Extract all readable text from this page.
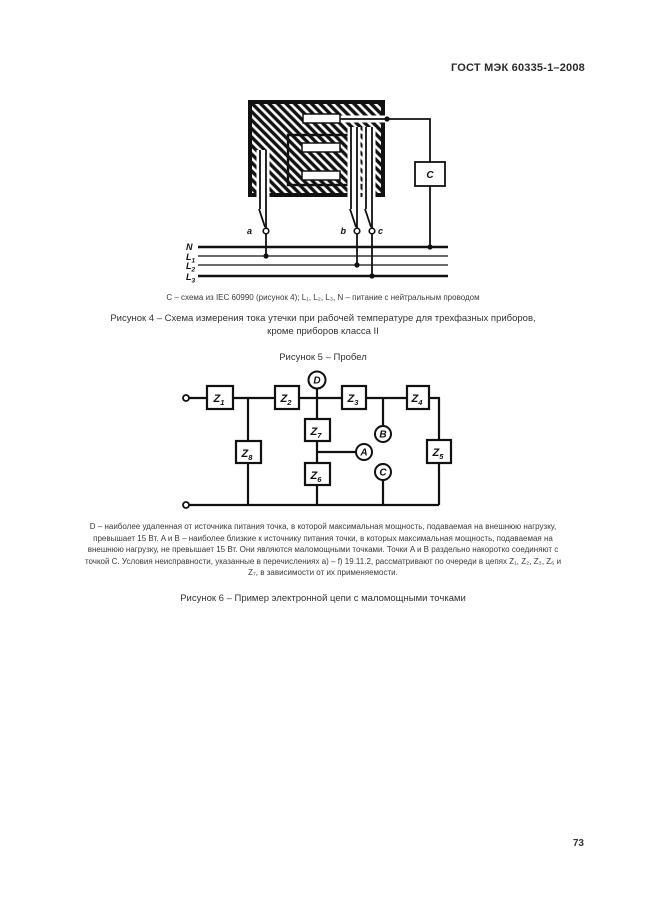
ГОСТ МЭК 60335-1–2008
a	b	c
C
N
$L_1$
$L_2$
$L_3$
$Z_1$	$Z_2$	$Z_3$	$Z_4$
$Z_5$
$Z_6$
$Z_7$
$Z_8$
D
A
B
C
C – схема из IEC 60990 (рисунок 4); L₁, L₂, L₃, N – питание с нейтральным проводом
Рисунок 4 – Схема измерения тока утечки при рабочей температуре для трехфазных приборов,
кроме приборов класса II
Рисунок 5 – Пробел
D – наиболее удаленная от источника питания точка, в которой максимальная мощность, подаваемая на внешнюю нагрузку,
превышает 15 Вт. A и B – наиболее близкие к источнику питания точки, в которых максимальная мощность, подаваемая на
внешнюю нагрузку, не превышает 15 Вт. Они являются маломощными точками. Точки A и B раздельно накоротко соединяют с
точкой C. Условия неисправности, указанные в перечислениях a) – f) 19.11.2, рассматривают по очереди в цепях Z₁, Z₂, Z₃, Z₆ и
Z₇, в зависимости от их применяемости.
Рисунок 6 – Пример электронной цепи с маломощными точками
73
